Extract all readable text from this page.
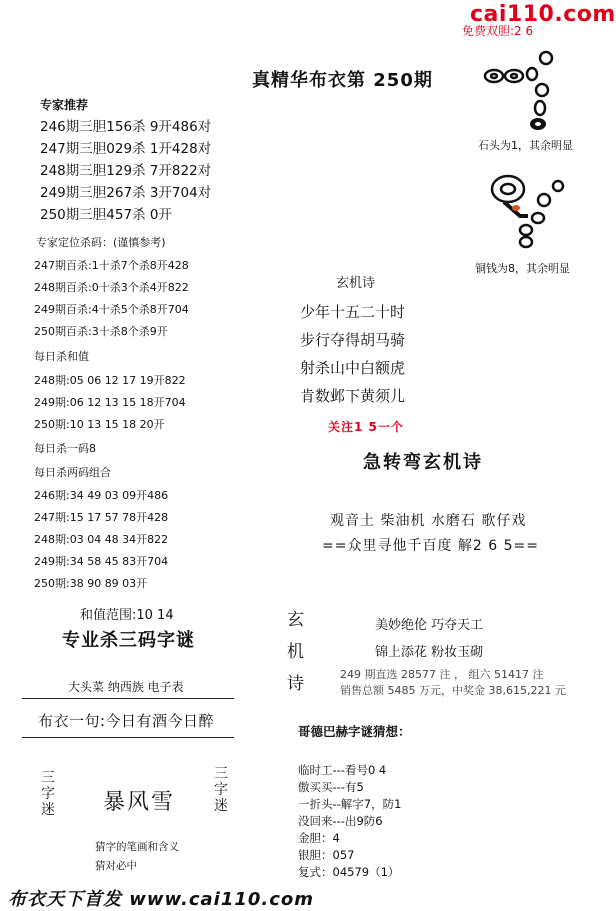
cai110.com
免费双胆:2 6
真精华布衣第 250期
专家推荐
246期三胆156杀 9开486对
247期三胆029杀 1开428对
248期三胆129杀 7开822对
249期三胆267杀 3开704对
250期三胆457杀 0开
专家定位杀码：(谨慎参考)
247期百杀:1十杀7个杀8开428
248期百杀:0十杀3个杀4开822
249期百杀:4十杀5个杀8开704
250期百杀:3十杀8个杀9开
每日杀和值
248期:05 06 12 17 19开822
249期:06 12 13 15 18开704
250期:10 13 15 18 20开
每日杀一码8
每日杀两码组合
246期:34 49 03 09开486
247期:15 17 57 78开428
248期:03 04 48 34开822
249期:34 58 45 83开704
250期:38 90 89 03开
和值范围:10 14
专业杀三码字谜
大头菜 纳西族 电子表
布衣一句:今日有酒今日醉
三字迷 暴风雪
三字迷
猜字的笔画和含义
猜对必中
石头为1，其余明显
铜钱为8，其余明显
玄机诗
少年十五二十时
步行夺得胡马骑
射杀山中白额虎
肯数邺下黄须儿
关注1 5一个
急转弯玄机诗
观音土 柴油机 水磨石 歌仔戏
==众里寻他千百度 解2 6 5==
玄
机
诗
美妙绝伦 巧夺天工
锦上添花 粉妆玉砌
249 期直选 28577 注 ， 组六 51417 注
销售总额 5485 万元，中奖金 38,615,221 元
哥德巴赫字谜猜想：
临时工---看号0 4
傲买买---有5
一折头--解字7，防1
没回来---出9防6
金胆：4
银胆：057
复式：04579（1）
布衣天下首发 www.cai110.com
